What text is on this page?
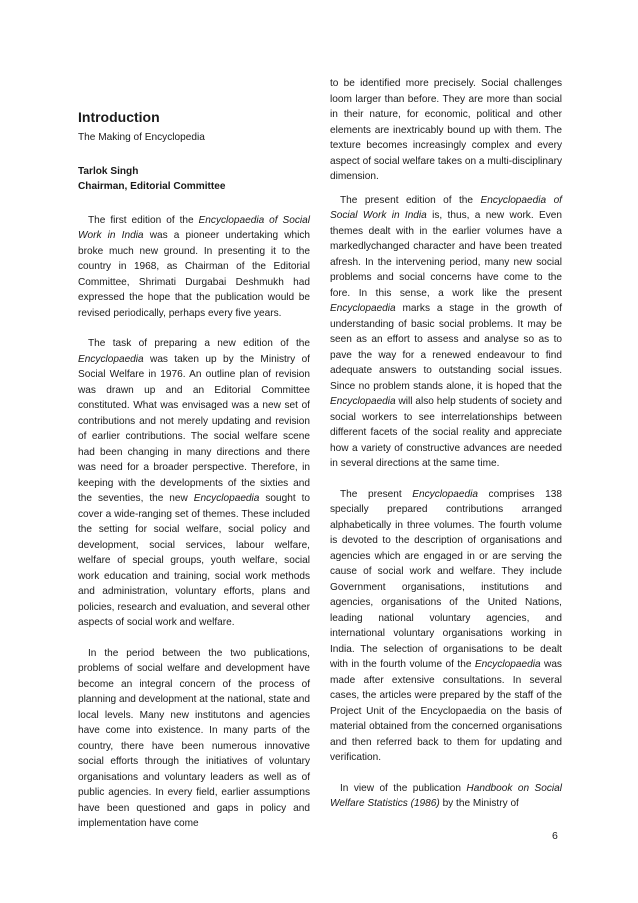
Introduction
The Making of Encyclopedia
Tarlok Singh
Chairman, Editorial Committee

The first edition of the Encyclopaedia of Social Work in India was a pioneer undertaking which broke much new ground. In presenting it to the country in 1968, as Chairman of the Editorial Committee, Shrimati Durgabai Deshmukh had expressed the hope that the publication would be revised periodically, perhaps every five years.

The task of preparing a new edition of the Encyclopaedia was taken up by the Ministry of Social Welfare in 1976. An outline plan of revision was drawn up and an Editorial Committee constituted. What was envisaged was a new set of contributions and not merely updating and revision of earlier contributions. The social welfare scene had been changing in many directions and there was need for a broader perspective. Therefore, in keeping with the developments of the sixties and the seventies, the new Encyclopaedia sought to cover a wide-ranging set of themes. These included the setting for social welfare, social policy and development, social services, labour welfare, welfare of special groups, youth welfare, social work education and training, social work methods and administration, voluntary efforts, plans and policies, research and evaluation, and several other aspects of social work and welfare.

In the period between the two publications, problems of social welfare and development have become an integral concern of the process of planning and development at the national, state and local levels. Many new institutons and agencies have come into existence. In many parts of the country, there have been numerous innovative social efforts through the initiatives of voluntary organisations and voluntary leaders as well as of public agencies. In every field, earlier assumptions have been questioned and gaps in policy and implementation have come

to be identified more precisely. Social challenges loom larger than before. They are more than social in their nature, for economic, political and other elements are inextricably bound up with them. The texture becomes increasingly complex and every aspect of social welfare takes on a multi-disciplinary dimension.

The present edition of the Encyclopaedia of Social Work in India is, thus, a new work. Even themes dealt with in the earlier volumes have a markedlychanged character and have been treated afresh. In the intervening period, many new social problems and social concerns have come to the fore. In this sense, a work like the present Encyclopaedia marks a stage in the growth of understanding of basic social problems. It may be seen as an effort to assess and analyse so as to pave the way for a renewed endeavour to find adequate answers to outstanding social issues. Since no problem stands alone, it is hoped that the Encyclopaedia will also help students of society and social workers to see interrelationships between different facets of the social reality and appreciate how a variety of constructive advances are needed in several directions at the same time.

The present Encyclopaedia comprises 138 specially prepared contributions arranged alphabetically in three volumes. The fourth volume is devoted to the description of organisations and agencies which are engaged in or are serving the cause of social work and welfare. They include Government organisations, institutions and agencies, organisations of the United Nations, leading national voluntary agencies, and international voluntary organisations working in India. The selection of organisations to be dealt with in the fourth volume of the Encyclopaedia was made after extensive consultations. In several cases, the articles were prepared by the staff of the Project Unit of the Encyclopaedia on the basis of material obtained from the concerned organisations and then referred back to them for updating and verification.

In view of the publication Handbook on Social Welfare Statistics (1986) by the Ministry of

6
